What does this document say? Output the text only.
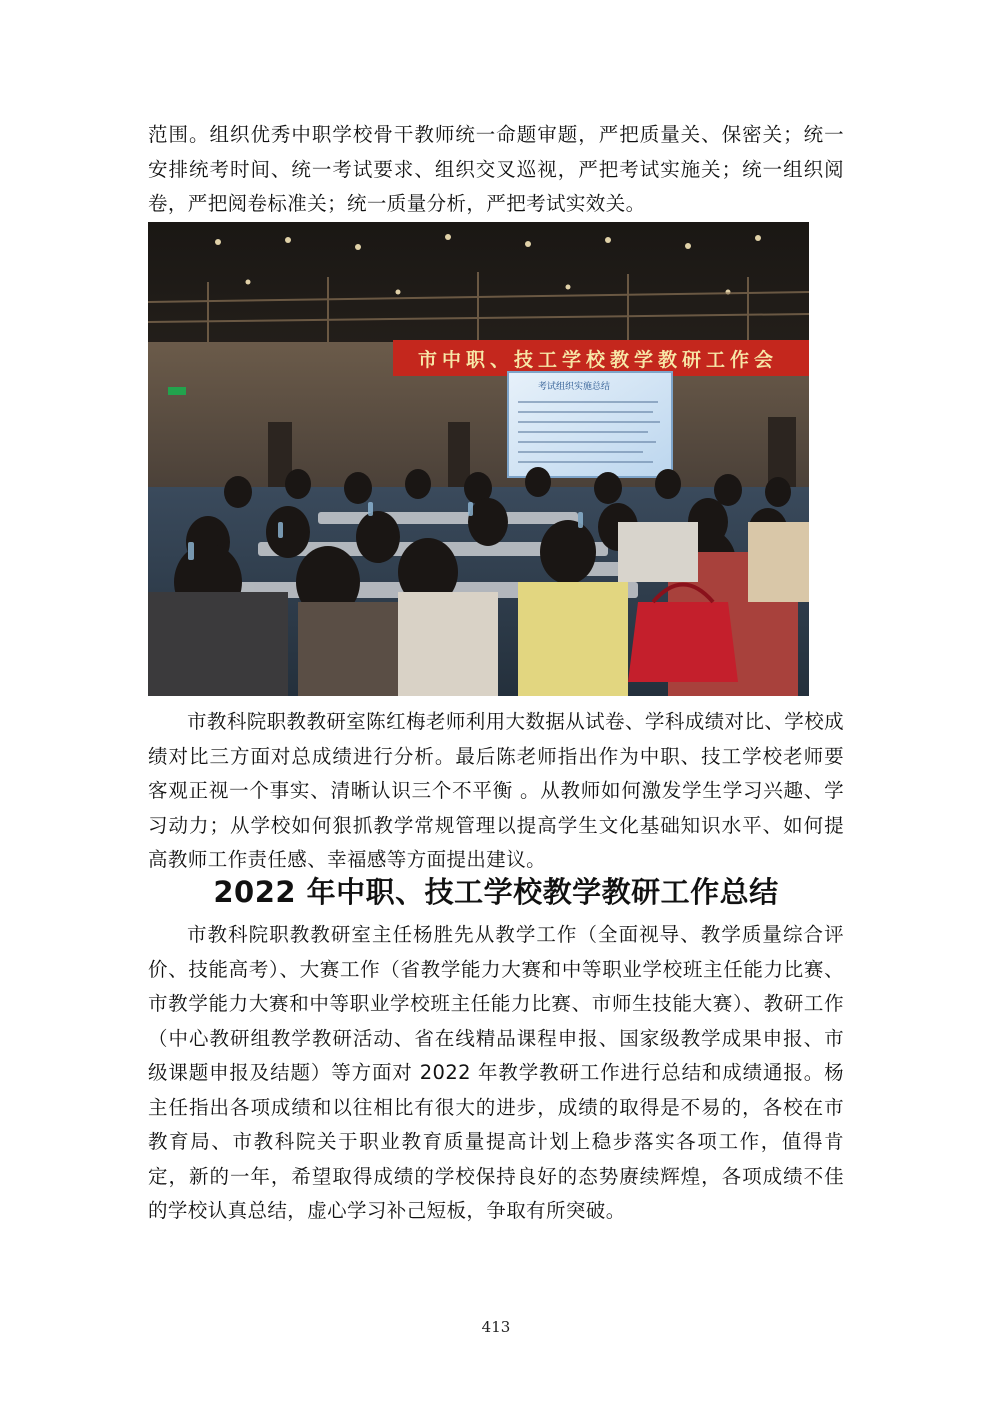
范围。组织优秀中职学校骨干教师统一命题审题，严把质量关、保密关；统一安排统考时间、统一考试要求、组织交叉巡视，严把考试实施关；统一组织阅卷，严把阅卷标准关；统一质量分析，严把考试实效关。

市中职、技工学校教学教研工作会
考试组织实施总结

市教科院职教教研室陈红梅老师利用大数据从试卷、学科成绩对比、学校成绩对比三方面对总成绩进行分析。最后陈老师指出作为中职、技工学校老师要客观正视一个事实、清晰认识三个不平衡 。从教师如何激发学生学习兴趣、学习动力；从学校如何狠抓教学常规管理以提高学生文化基础知识水平、如何提高教师工作责任感、幸福感等方面提出建议。

2022 年中职、技工学校教学教研工作总结

市教科院职教教研室主任杨胜先从教学工作（全面视导、教学质量综合评价、技能高考）、大赛工作（省教学能力大赛和中等职业学校班主任能力比赛、市教学能力大赛和中等职业学校班主任能力比赛、市师生技能大赛）、教研工作（中心教研组教学教研活动、省在线精品课程申报、国家级教学成果申报、市级课题申报及结题）等方面对 2022 年教学教研工作进行总结和成绩通报。杨主任指出各项成绩和以往相比有很大的进步，成绩的取得是不易的，各校在市教育局、市教科院关于职业教育质量提高计划上稳步落实各项工作，值得肯定，新的一年，希望取得成绩的学校保持良好的态势赓续辉煌，各项成绩不佳的学校认真总结，虚心学习补己短板，争取有所突破。

413
